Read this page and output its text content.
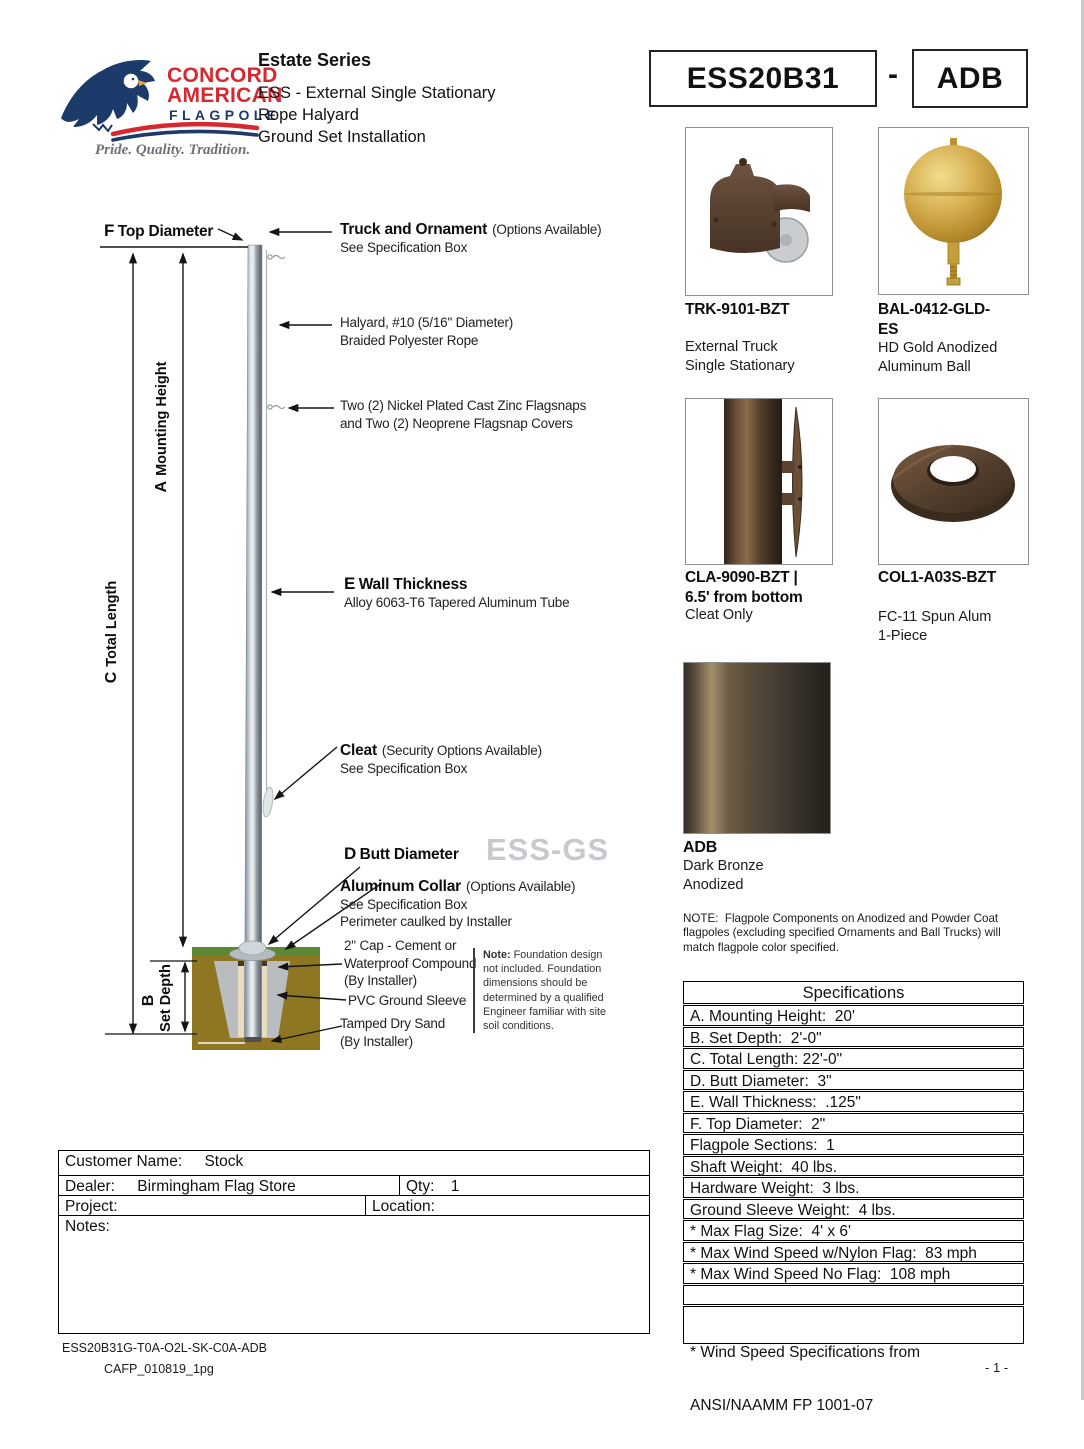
CONCORD
AMERICAN
FLAGPOLE
Pride. Quality. Tradition.
Estate Series
ESS - External Single Stationary
Rope Halyard
Ground Set Installation
ESS20B31	-	ADB
ESS-GS
F Top Diameter	Truck and Ornament (Options Available)
See Specification Box
Halyard, #10 (5/16" Diameter)
Braided Polyester Rope
Two (2) Nickel Plated Cast Zinc Flagsnaps
and Two (2) Neoprene Flagsnap Covers
AMounting Height
CTotal Length	E Wall Thickness
Alloy 6063-T6 Tapered Aluminum Tube
Cleat (Security Options Available)
See Specification Box
D Butt Diameter
Aluminum Collar (Options Available)
See Specification Box
Perimeter caulked by Installer
2" Cap - Cement or
Waterproof Compound
(By Installer)
PVC Ground Sleeve
Tamped Dry Sand
(By Installer)
B Set Depth
Note: Foundation design not included. Foundation dimensions should be determined by a qualified Engineer familiar with site soil conditions.
TRK-9101-BZT
External Truck
Single Stationary
BAL-0412-GLD-
ES
HD Gold Anodized
Aluminum Ball
CLA-9090-BZT |
6.5' from bottom
Cleat Only
COL1-A03S-BZT
FC-11 Spun Alum
1-Piece
ADB
Dark Bronze
Anodized
NOTE:  Flagpole Components on Anodized and Powder Coat flagpoles (excluding specified Ornaments and Ball Trucks) will match flagpole color specified.
Specifications
A. Mounting Height:  20'
B. Set Depth:  2'-0"
C. Total Length: 22'-0"
D. Butt Diameter:  3"
E. Wall Thickness:  .125"
F. Top Diameter:  2"
Flagpole Sections:  1
Shaft Weight:  40 lbs.
Hardware Weight:  3 lbs.
Ground Sleeve Weight:  4 lbs.
* Max Flag Size:  4' x 6'
* Max Wind Speed w/Nylon Flag:  83 mph
* Max Wind Speed No Flag:  108 mph

* Wind Speed Specifications from

ANSI/NAAMM FP 1001-07

Customer Name: Stock
Dealer: Birmingham Flag Store	Qty: 1
Project:	Location:
Notes:
ESS20B31G-T0A-O2L-SK-C0A-ADB
CAFP_010819_1pg	- 1 -
